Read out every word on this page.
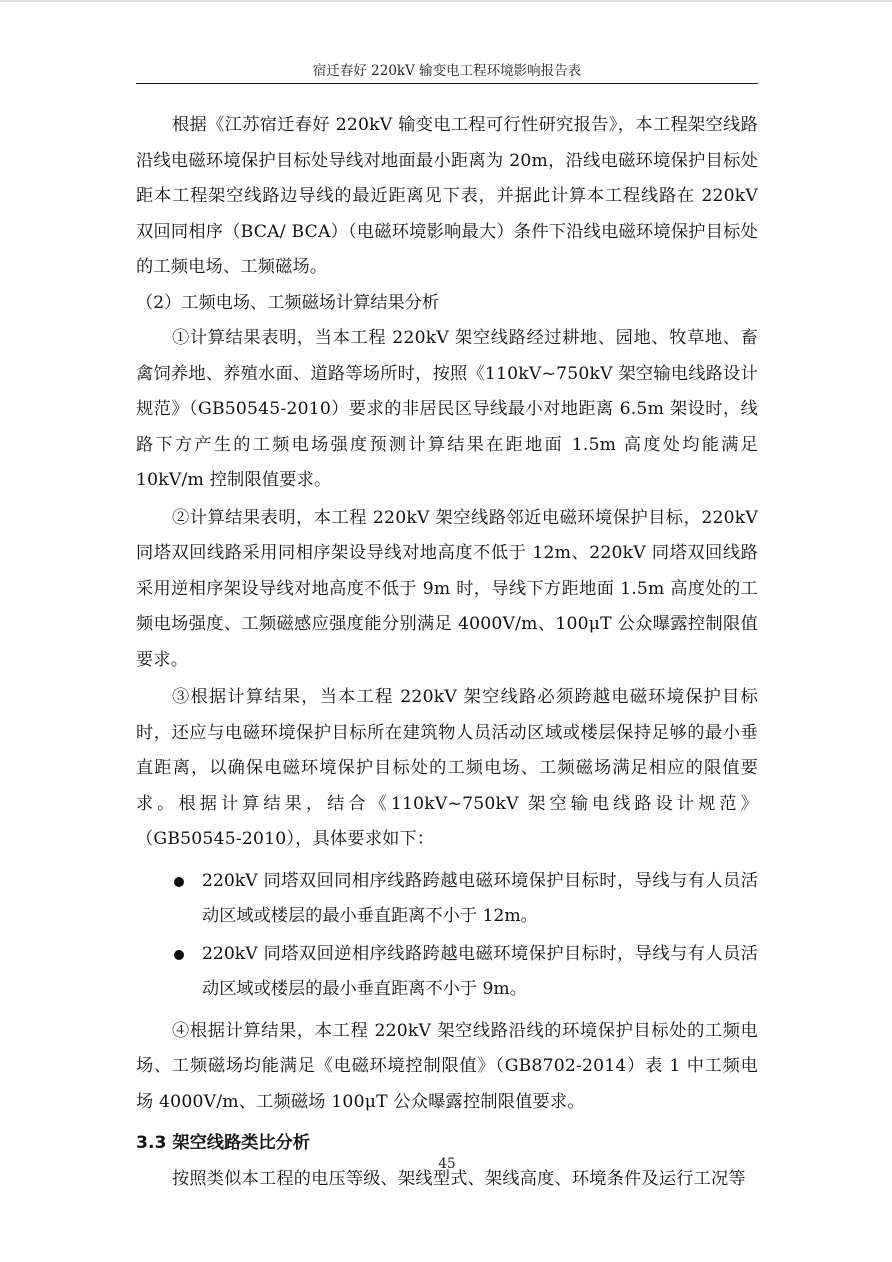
宿迁春好 220kV 输变电工程环境影响报告表

根据《江苏宿迁春好 220kV 输变电工程可行性研究报告》，本工程架空线路沿线电磁环境保护目标处导线对地面最小距离为 20m，沿线电磁环境保护目标处距本工程架空线路边导线的最近距离见下表，并据此计算本工程线路在 220kV 双回同相序（BCA/ BCA）（电磁环境影响最大）条件下沿线电磁环境保护目标处的工频电场、工频磁场。

（2）工频电场、工频磁场计算结果分析

①计算结果表明，当本工程 220kV 架空线路经过耕地、园地、牧草地、畜禽饲养地、养殖水面、道路等场所时，按照《110kV~750kV 架空输电线路设计规范》（GB50545-2010）要求的非居民区导线最小对地距离 6.5m 架设时，线路下方产生的工频电场强度预测计算结果在距地面 1.5m 高度处均能满足 10kV/m 控制限值要求。

②计算结果表明，本工程 220kV 架空线路邻近电磁环境保护目标，220kV 同塔双回线路采用同相序架设导线对地高度不低于 12m、220kV 同塔双回线路采用逆相序架设导线对地高度不低于 9m 时，导线下方距地面 1.5m 高度处的工频电场强度、工频磁感应强度能分别满足 4000V/m、100μT 公众曝露控制限值要求。

③根据计算结果，当本工程 220kV 架空线路必须跨越电磁环境保护目标时，还应与电磁环境保护目标所在建筑物人员活动区域或楼层保持足够的最小垂直距离，以确保电磁环境保护目标处的工频电场、工频磁场满足相应的限值要求。根据计算结果，结合《110kV~750kV 架空输电线路设计规范》（GB50545-2010），具体要求如下：

220kV 同塔双回同相序线路跨越电磁环境保护目标时，导线与有人员活动区域或楼层的最小垂直距离不小于 12m。
220kV 同塔双回逆相序线路跨越电磁环境保护目标时，导线与有人员活动区域或楼层的最小垂直距离不小于 9m。

④根据计算结果，本工程 220kV 架空线路沿线的环境保护目标处的工频电场、工频磁场均能满足《电磁环境控制限值》（GB8702-2014）表 1 中工频电场 4000V/m、工频磁场 100μT 公众曝露控制限值要求。

3.3 架空线路类比分析

按照类似本工程的电压等级、架线型式、架线高度、环境条件及运行工况等

45
